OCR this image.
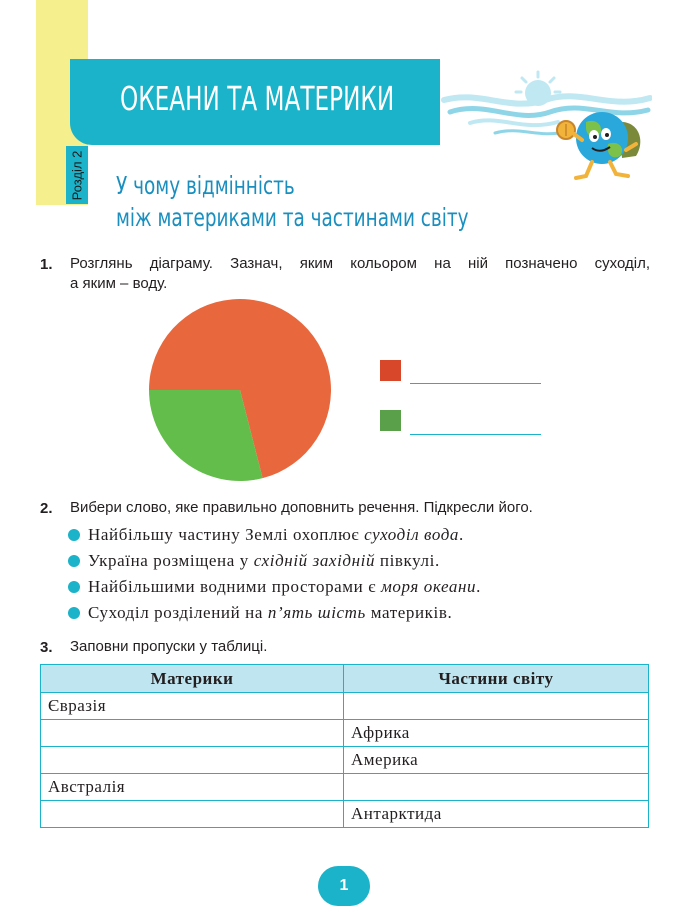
Розділ 2
ОКЕАНИ ТА МАТЕРИКИ
У чому відмінність
між материками та частинами світу
1. Розглянь діаграму. Зазнач, яким кольором на ній позначено суходіл,
а яким – воду.
2. Вибери слово, яке правильно доповнить речення. Підкресли його.
Найбільшу частину Землі охоплює суходіл вода.
Україна розміщена у східній західній півкулі.
Найбільшими водними просторами є моря океани.
Суходіл розділений на п’ять шість материків.
3. Заповни пропуски у таблиці.
Материки	Частини світу
Євразія	
	Африка
	Америка
Австралія	
	Антарктида
1
